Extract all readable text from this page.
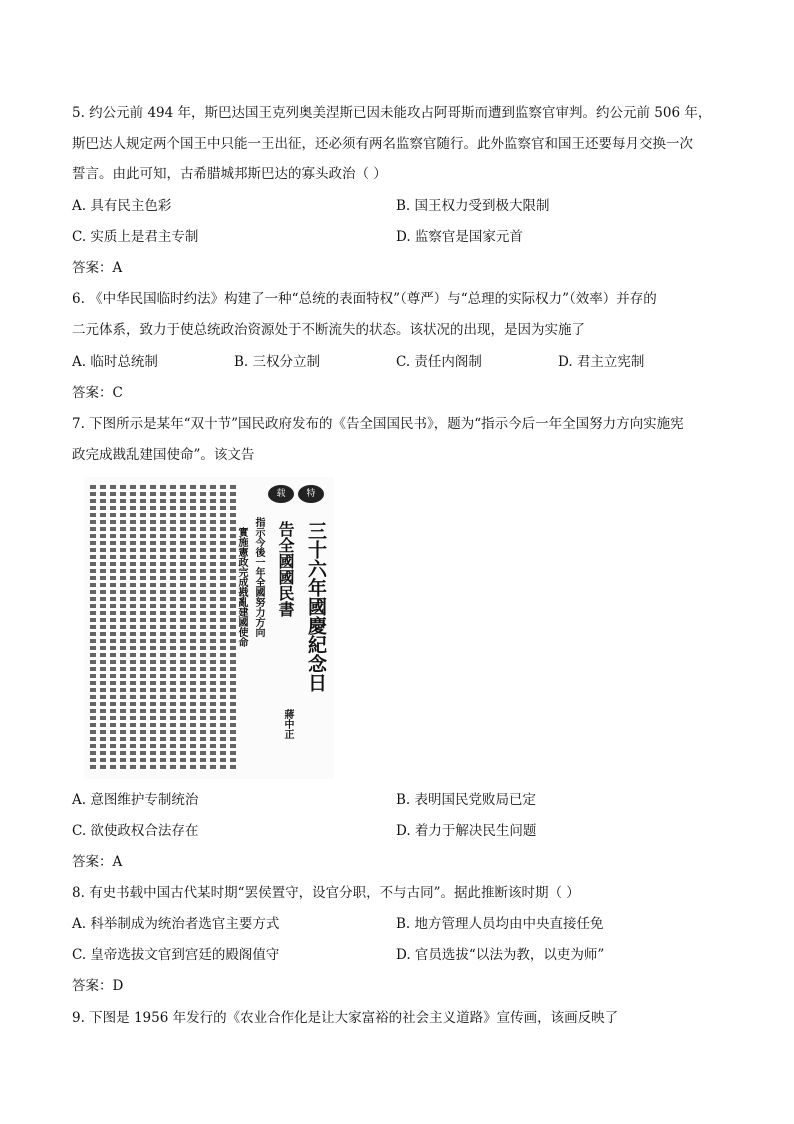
5. 约公元前 494 年，斯巴达国王克列奥美涅斯已因未能攻占阿哥斯而遭到监察官审判。约公元前 506 年，
斯巴达人规定两个国王中只能一王出征，还必须有两名监察官随行。此外监察官和国王还要每月交换一次
誓言。由此可知，古希腊城邦斯巴达的寡头政治（ ）
A. 具有民主色彩	B. 国王权力受到极大限制
C. 实质上是君主专制	D. 监察官是国家元首
答案：A
6. 《中华民国临时约法》构建了一种“总统的表面特权”（尊严）与“总理的实际权力”（效率）并存的
二元体系，致力于使总统政治资源处于不断流失的状态。该状况的出现，是因为实施了
A. 临时总统制	B. 三权分立制	C. 责任内阁制	D. 君主立宪制
答案：C
7. 下图所示是某年“双十节”国民政府发布的《告全国国民书》，题为“指示今后一年全国努力方向实施宪
政完成戡乱建国使命”。该文告
實施憲政完成戡亂建國使命 指示今後一年全國努力方向 告全國國民書 三十六年國慶紀念日
蔣中正
载	特
A. 意图维护专制统治	B. 表明国民党败局已定
C. 欲使政权合法存在	D. 着力于解决民生问题
答案：A
8. 有史书载中国古代某时期“罢侯置守，设官分职，不与古同”。据此推断该时期（ ）
A. 科举制成为统治者选官主要方式	B. 地方管理人员均由中央直接任免
C. 皇帝选拔文官到宫廷的殿阁值守	D. 官员选拔“以法为教，以吏为师”
答案：D
9. 下图是 1956 年发行的《农业合作化是让大家富裕的社会主义道路》宣传画，该画反映了
